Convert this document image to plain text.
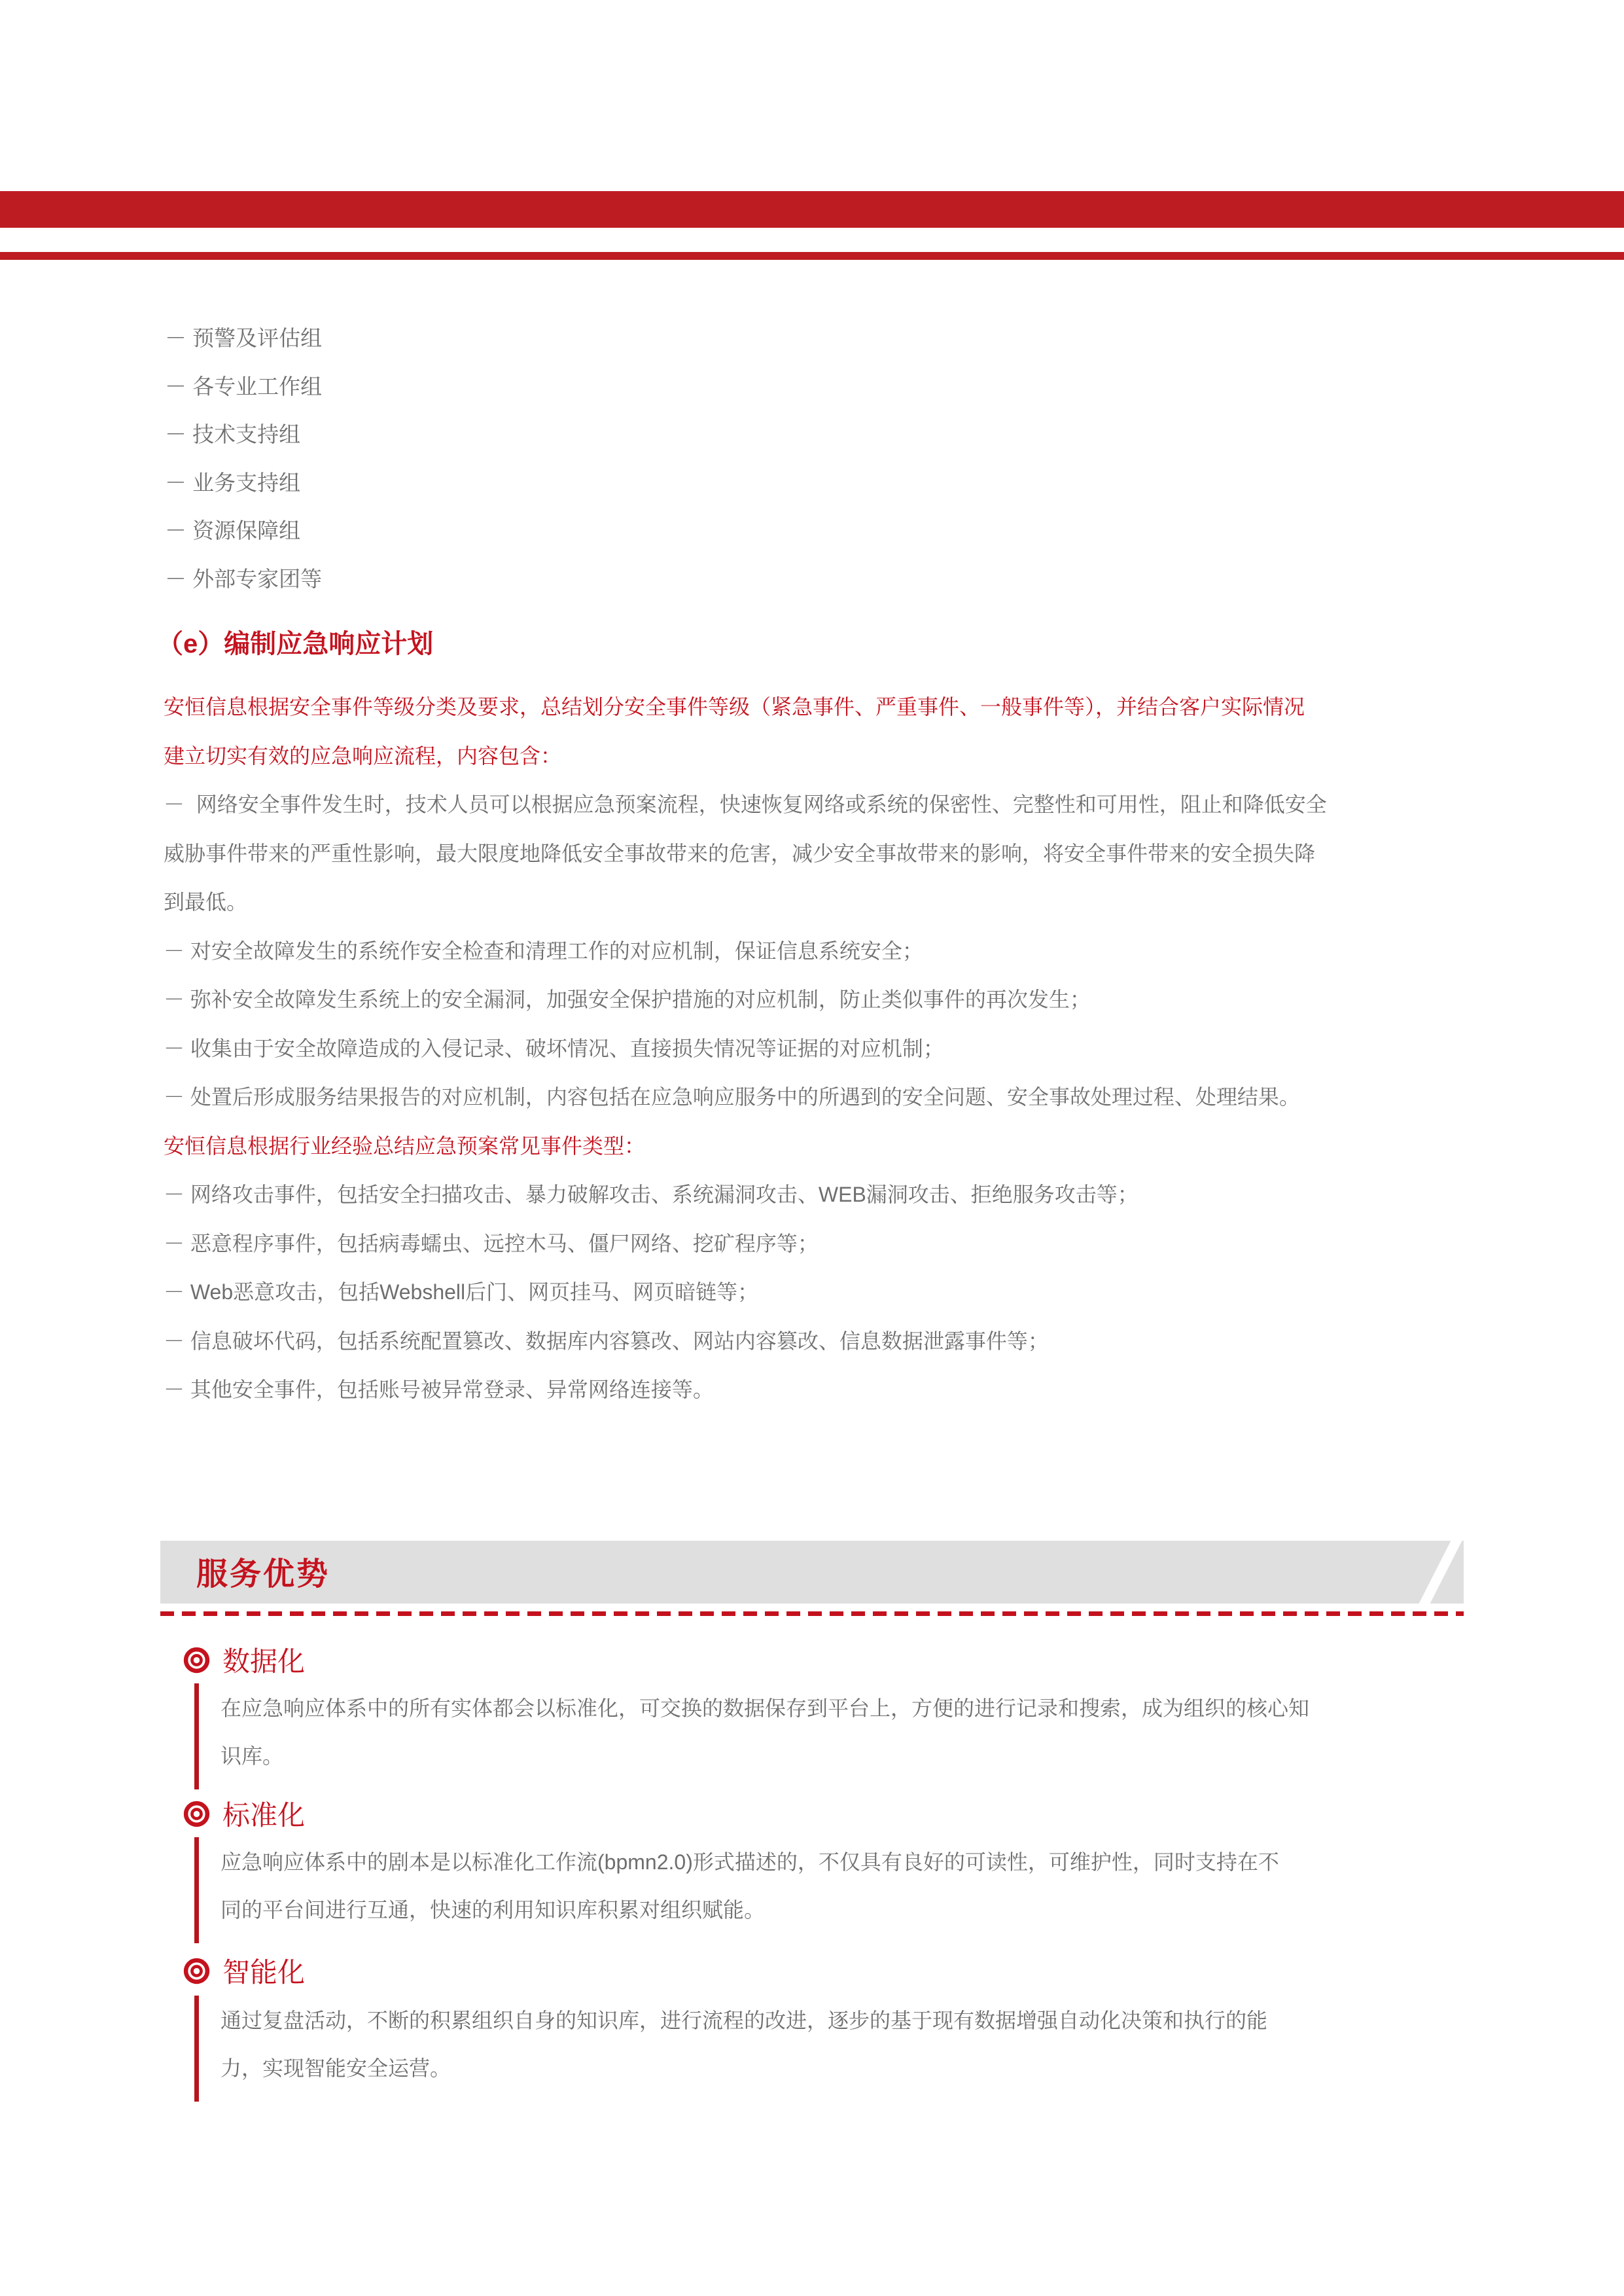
－ 预警及评估组
－ 各专业工作组
－ 技术支持组
－ 业务支持组
－ 资源保障组
－ 外部专家团等
（e）编制应急响应计划
安恒信息根据安全事件等级分类及要求，总结划分安全事件等级（紧急事件、严重事件、一般事件等），并结合客户实际情况
建立切实有效的应急响应流程，内容包含：
－  网络安全事件发生时，技术人员可以根据应急预案流程，快速恢复网络或系统的保密性、完整性和可用性，阻止和降低安全
威胁事件带来的严重性影响，最大限度地降低安全事故带来的危害，减少安全事故带来的影响，将安全事件带来的安全损失降
到最低。
－ 对安全故障发生的系统作安全检查和清理工作的对应机制，保证信息系统安全；
－ 弥补安全故障发生系统上的安全漏洞，加强安全保护措施的对应机制，防止类似事件的再次发生；
－ 收集由于安全故障造成的入侵记录、破坏情况、直接损失情况等证据的对应机制；
－ 处置后形成服务结果报告的对应机制，内容包括在应急响应服务中的所遇到的安全问题、安全事故处理过程、处理结果。
安恒信息根据行业经验总结应急预案常见事件类型：
－ 网络攻击事件，包括安全扫描攻击、暴力破解攻击、系统漏洞攻击、WEB漏洞攻击、拒绝服务攻击等；
－ 恶意程序事件，包括病毒蠕虫、远控木马、僵尸网络、挖矿程序等；
－ Web恶意攻击，包括Webshell后门、网页挂马、网页暗链等；
－ 信息破坏代码，包括系统配置篡改、数据库内容篡改、网站内容篡改、信息数据泄露事件等；
－ 其他安全事件，包括账号被异常登录、异常网络连接等。
服务优势
数据化
在应急响应体系中的所有实体都会以标准化，可交换的数据保存到平台上，方便的进行记录和搜索，成为组织的核心知
识库。
标准化
应急响应体系中的剧本是以标准化工作流(bpmn2.0)形式描述的，不仅具有良好的可读性，可维护性，同时支持在不
同的平台间进行互通，快速的利用知识库积累对组织赋能。
智能化
通过复盘活动，不断的积累组织自身的知识库，进行流程的改进，逐步的基于现有数据增强自动化决策和执行的能
力，实现智能安全运营。
